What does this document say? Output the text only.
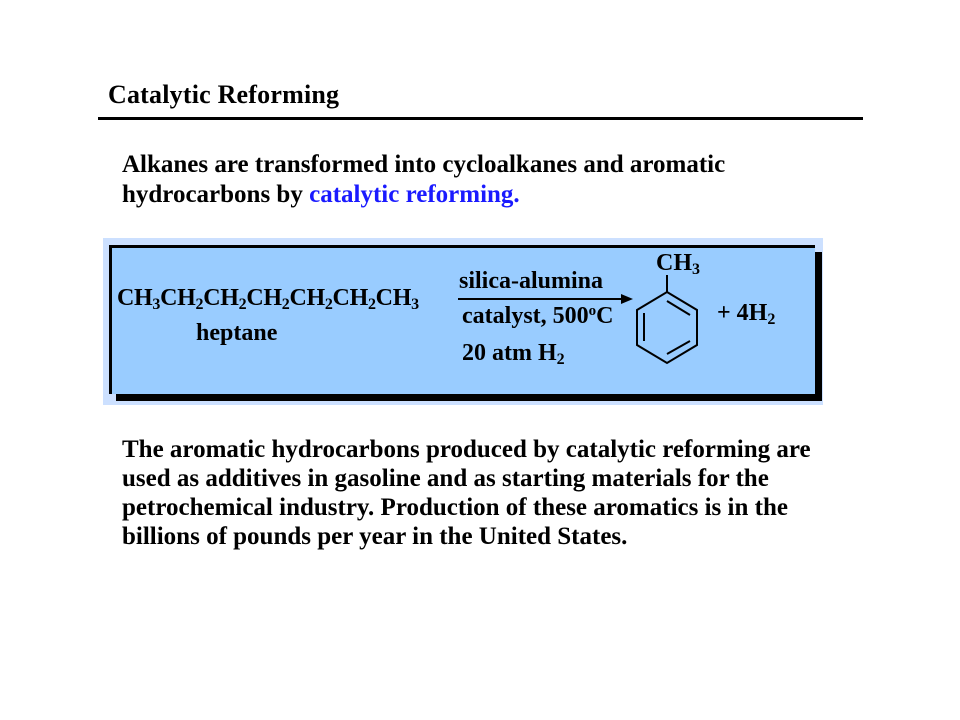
Catalytic Reforming
Alkanes are transformed into cycloalkanes and aromatic hydrocarbons by catalytic reforming.
$CH_3CH_2CH_2CH_2CH_2CH_2CH_3$
heptane
silica-alumina
catalyst, 500$^o$C
20 atm $H_2$
$CH_3$
+ $4H_2$
The aromatic hydrocarbons produced by catalytic reforming are used as additives in gasoline and as starting materials for the petrochemical industry. Production of these aromatics is in the billions of pounds per year in the United States.
